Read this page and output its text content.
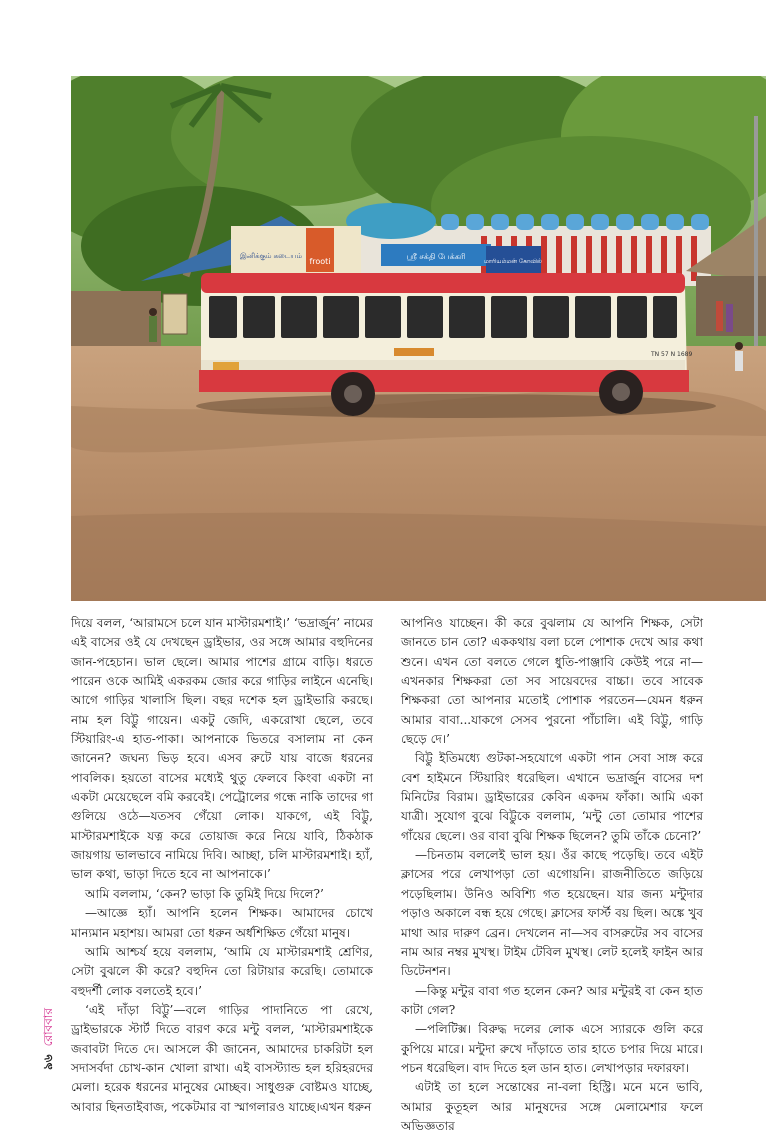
frooti
இனிக்கும் கடையம்	ஸ்ரீ சக்தி பேக்கரி
மாரியம்மன் கோவில்
TN 57 N 1689

দিয়ে বলল, ‘আরামসে চলে যান মাস্টারমশাই।’ ‘ভদ্রার্জুন’ নামের এই বাসের ওই যে দেখছেন ড্রাইভার, ওর সঙ্গে আমার বহুদিনের জান-পহেচান। ভাল ছেলে। আমার পাশের গ্রামে বাড়ি। ধরতে পারেন ওকে আমিই একরকম জোর করে গাড়ির লাইনে এনেছি। আগে গাড়ির খালাসি ছিল। বছর দশেক হল ড্রাইভারি করছে। নাম হল বিট্টু গায়েন। একটু জেদি, একরোখা ছেলে, তবে স্টিয়ারিং-এ হাত-পাকা। আপনাকে ভিতরে বসালাম না কেন জানেন? জঘন্য ভিড় হবে। এসব রুটে যায় বাজে ধরনের পাবলিক। হয়তো বাসের মধ্যেই থুতু ফেলবে কিংবা একটা না একটা মেয়েছেলে বমি করবেই। পেট্রোলের গন্ধে নাকি তাদের গা গুলিয়ে ওঠে—যতসব গেঁয়ো লোক। যাকগে, এই বিট্টু, মাস্টারমশাইকে যত্ন করে তোয়াজ করে নিয়ে যাবি, ঠিকঠাক জায়গায় ভালভাবে নামিয়ে দিবি। আচ্ছা, চলি মাস্টারমশাই। হ্যাঁ, ভাল কথা, ভাড়া দিতে হবে না আপনাকে।’

আমি বললাম, ‘কেন? ভাড়া কি তুমিই দিয়ে দিলে?’

—আজ্ঞে হ্যাঁ। আপনি হলেন শিক্ষক। আমাদের চোখে মান্যমান মহাশয়। আমরা তো ধরুন অর্ধশিক্ষিত গেঁয়ো মানুষ।

আমি আশ্চর্য হয়ে বললাম, ‘আমি যে মাস্টারমশাই শ্রেণির, সেটা বুঝলে কী করে? বহুদিন তো রিটায়ার করেছি। তোমাকে বহুদর্শী লোক বলতেই হবে।’

‘এই দাঁড়া বিট্টু’—বলে গাড়ির পাদানিতে পা রেখে, ড্রাইভারকে স্টার্ট দিতে বারণ করে মন্টু বলল, ‘মাস্টারমশাইকে জবাবটা দিতে দে। আসলে কী জানেন, আমাদের চাকরিটা হল সদাসর্বদা চোখ-কান খোলা রাখা। এই বাসস্ট্যান্ড হল হরিহরদের মেলা। হরেক ধরনের মানুষের মোচ্ছব। সাধুগুরু বোষ্টমও যাচ্ছে, আবার ছিনতাইবাজ, পকেটমার বা স্মাগলারও যাচ্ছে।এখন ধরুন

আপনিও যাচ্ছেন। কী করে বুঝলাম যে আপনি শিক্ষক, সেটা জানতে চান তো? এককথায় বলা চলে পোশাক দেখে আর কথা শুনে। এখন তো বলতে গেলে ধুতি-পাঞ্জাবি কেউই পরে না—এখনকার শিক্ষকরা তো সব সায়েবদের বাচ্চা। তবে সাবেক শিক্ষকরা তো আপনার মতোই পোশাক পরতেন—যেমন ধরুন আমার বাবা...যাকগে সেসব পুরনো পাঁচালি। এই বিট্টু, গাড়ি ছেড়ে দে।’

বিট্টু ইতিমধ্যে গুটকা-সহযোগে একটা পান সেবা সাঙ্গ করে বেশ হাইমনে স্টিয়ারিং ধরেছিল। এখানে ভদ্রার্জুন বাসের দশ মিনিটের বিরাম। ড্রাইভারের কেবিন একদম ফাঁকা। আমি একা যাত্রী। সুযোগ বুঝে বিট্টুকে বললাম, ‘মন্টু তো তোমার পাশের গাঁয়ের ছেলে। ওর বাবা বুঝি শিক্ষক ছিলেন? তুমি তাঁকে চেনো?’

—চিনতাম বললেই ভাল হয়। ওঁর কাছে পড়েছি। তবে এইট ক্লাসের পরে লেখাপড়া তো এগোয়নি। রাজনীতিতে জড়িয়ে পড়েছিলাম। উনিও অবিশ্যি গত হয়েছেন। যার জন্য মন্টুদার পড়াও অকালে বন্ধ হয়ে গেছে। ক্লাসের ফার্স্ট বয় ছিল। অঙ্কে খুব মাথা আর দারুণ ব্রেন। দেখলেন না—সব বাসরুটের সব বাসের নাম আর নম্বর মুখস্থ। টাইম টেবিল মুখস্থ। লেট হলেই ফাইন আর ডিটেনশন।

—কিন্তু মন্টুর বাবা গত হলেন কেন? আর মন্টুরই বা কেন হাত কাটা গেল?

—পলিটিক্স। বিরুদ্ধ দলের লোক এসে স্যারকে গুলি করে কুপিয়ে মারে। মন্টুদা রুখে দাঁড়াতে তার হাতে চপার দিয়ে মারে। পচন ধরেছিল। বাদ দিতে হল ডান হাত। লেখাপড়ার দফারফা।

এটাই তা হলে সন্তোষের না-বলা হিস্ট্রি। মনে মনে ভাবি, আমার কুতূহল আর মানুষদের সঙ্গে মেলামেশার ফলে অভিজ্ঞতার

৯৬রোববার
